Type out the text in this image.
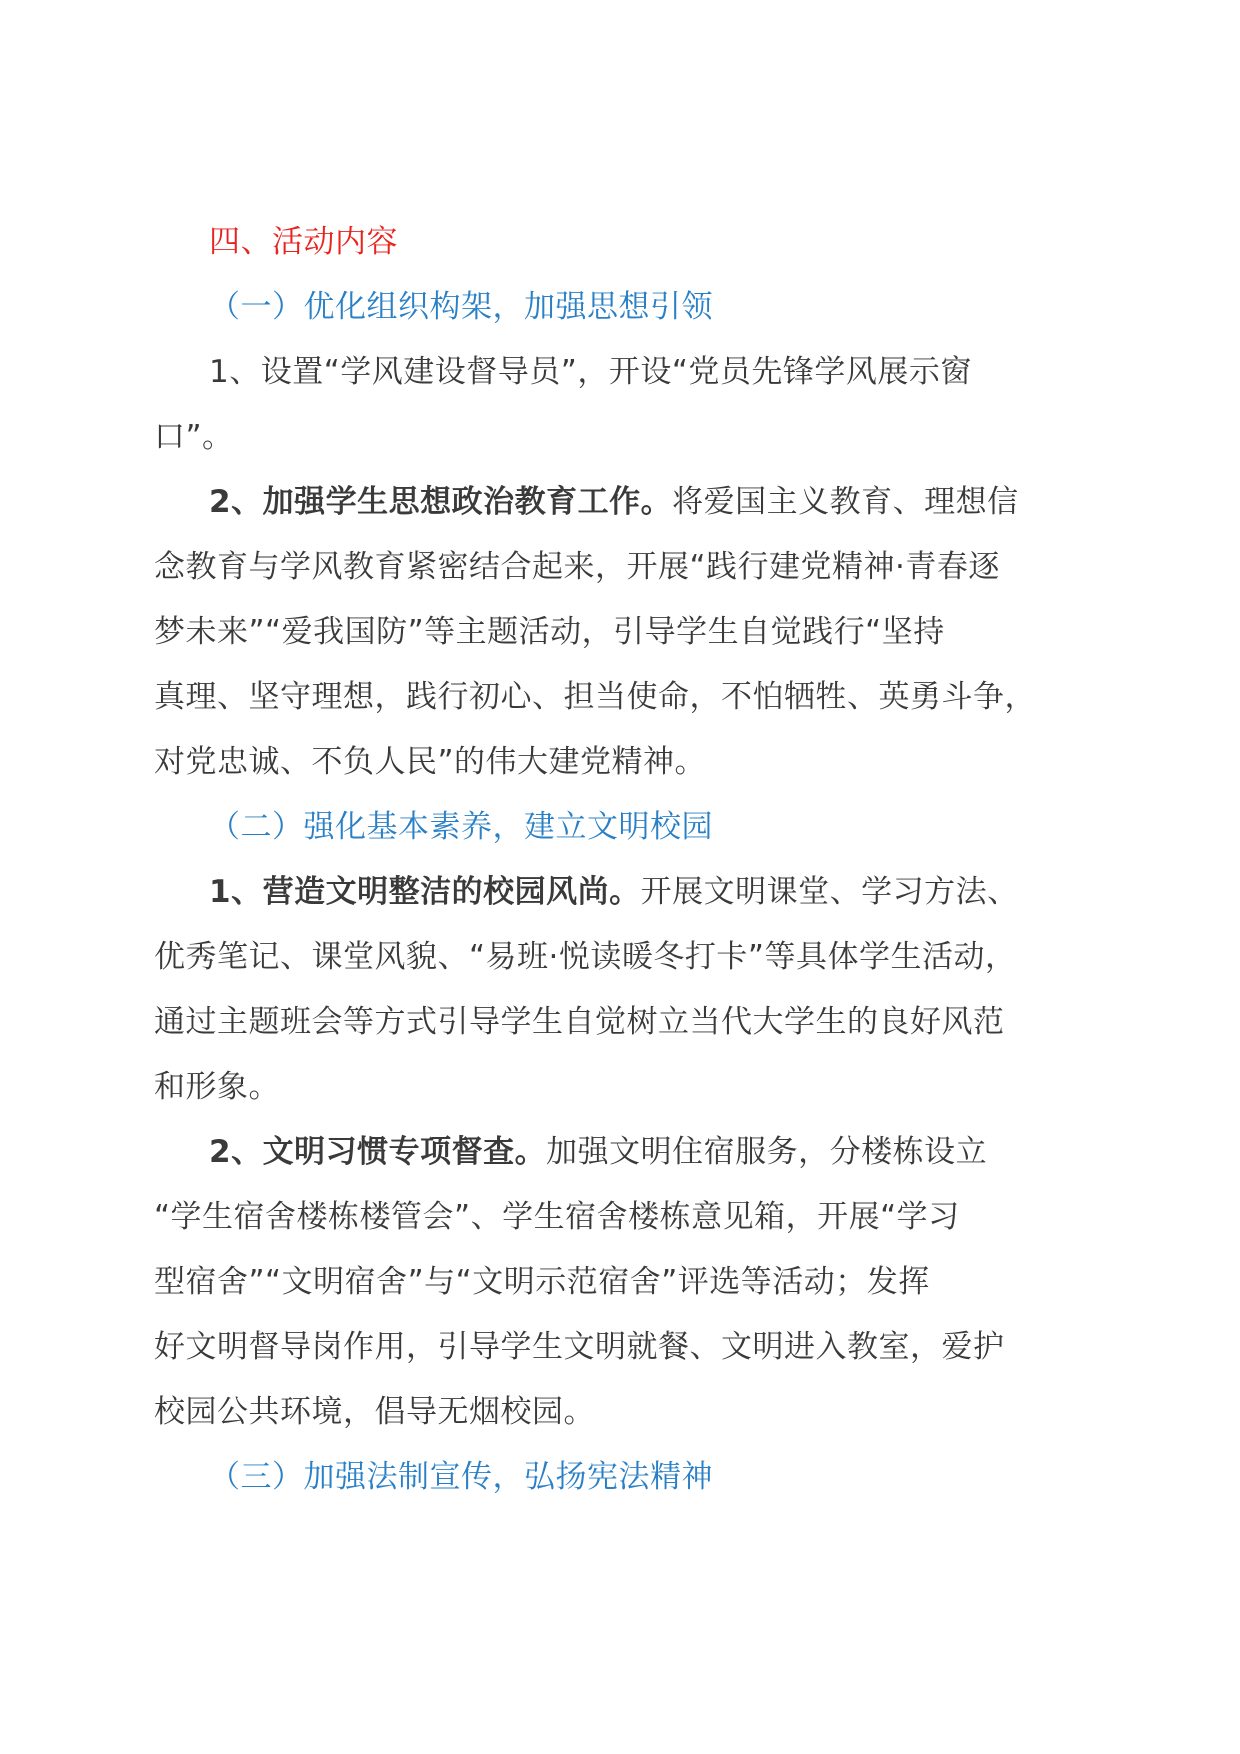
四、活动内容
（一）优化组织构架，加强思想引领
1、设置“学风建设督导员”，开设“党员先锋学风展示窗
口”。
2、加强学生思想政治教育工作。将爱国主义教育、理想信
念教育与学风教育紧密结合起来，开展“践行建党精神·青春逐
梦未来”“爱我国防”等主题活动，引导学生自觉践行“坚持
真理、坚守理想，践行初心、担当使命，不怕牺牲、英勇斗争，
对党忠诚、不负人民”的伟大建党精神。
（二）强化基本素养，建立文明校园
1、营造文明整洁的校园风尚。开展文明课堂、学习方法、
优秀笔记、课堂风貌、“易班·悦读暖冬打卡”等具体学生活动，
通过主题班会等方式引导学生自觉树立当代大学生的良好风范
和形象。
2、文明习惯专项督查。加强文明住宿服务，分楼栋设立
“学生宿舍楼栋楼管会”、学生宿舍楼栋意见箱，开展“学习
型宿舍”“文明宿舍”与“文明示范宿舍”评选等活动；发挥
好文明督导岗作用，引导学生文明就餐、文明进入教室，爱护
校园公共环境，倡导无烟校园。
（三）加强法制宣传，弘扬宪法精神
